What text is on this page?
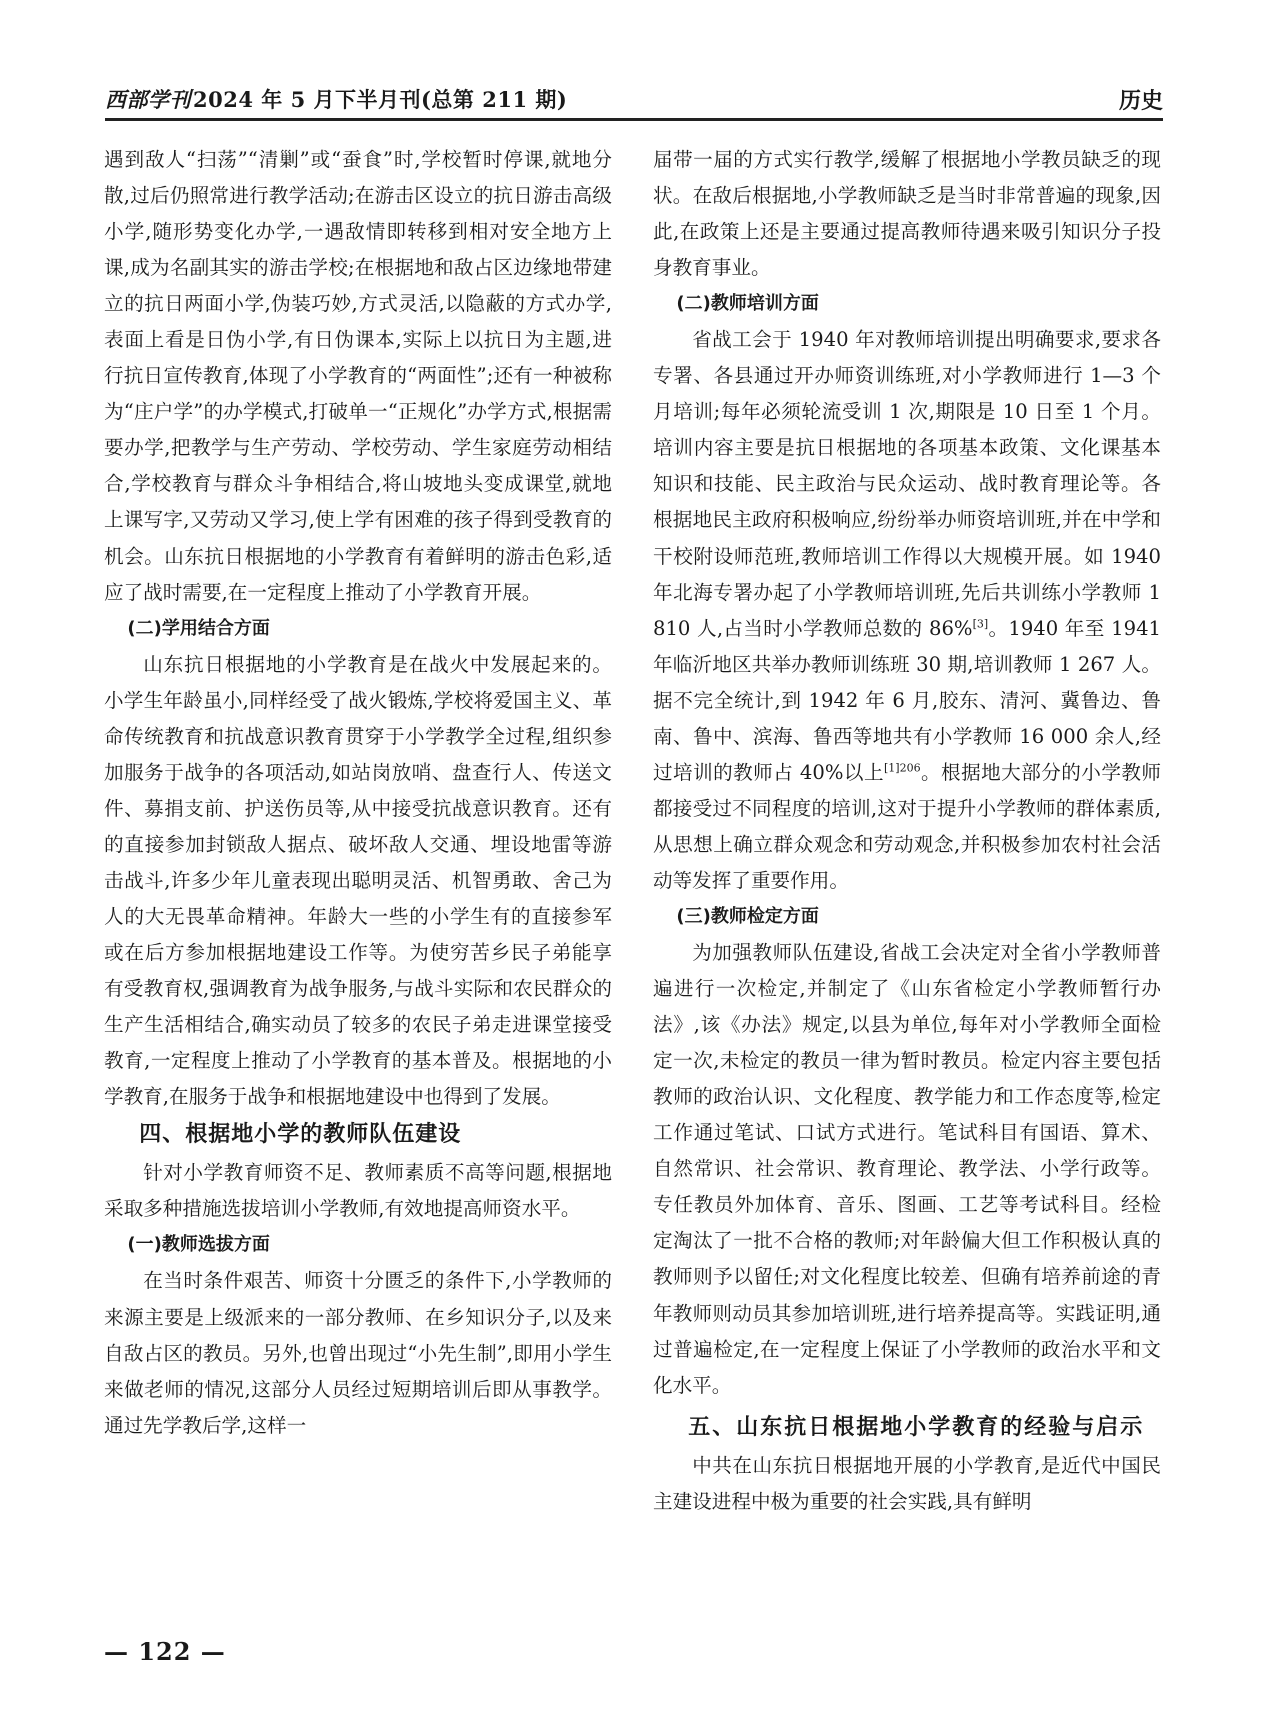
西部学刊2024 年 5 月下半月刊(总第 211 期)	历史

遇到敌人“扫荡”“清剿”或“蚕食”时,学校暂时停课,就地分散,过后仍照常进行教学活动;在游击区设立的抗日游击高级小学,随形势变化办学,一遇敌情即转移到相对安全地方上课,成为名副其实的游击学校;在根据地和敌占区边缘地带建立的抗日两面小学,伪装巧妙,方式灵活,以隐蔽的方式办学,表面上看是日伪小学,有日伪课本,实际上以抗日为主题,进行抗日宣传教育,体现了小学教育的“两面性”;还有一种被称为“庄户学”的办学模式,打破单一“正规化”办学方式,根据需要办学,把教学与生产劳动、学校劳动、学生家庭劳动相结合,学校教育与群众斗争相结合,将山坡地头变成课堂,就地上课写字,又劳动又学习,使上学有困难的孩子得到受教育的机会。山东抗日根据地的小学教育有着鲜明的游击色彩,适应了战时需要,在一定程度上推动了小学教育开展。

(二)学用结合方面

山东抗日根据地的小学教育是在战火中发展起来的。小学生年龄虽小,同样经受了战火锻炼,学校将爱国主义、革命传统教育和抗战意识教育贯穿于小学教学全过程,组织参加服务于战争的各项活动,如站岗放哨、盘查行人、传送文件、募捐支前、护送伤员等,从中接受抗战意识教育。还有的直接参加封锁敌人据点、破坏敌人交通、埋设地雷等游击战斗,许多少年儿童表现出聪明灵活、机智勇敢、舍己为人的大无畏革命精神。年龄大一些的小学生有的直接参军或在后方参加根据地建设工作等。为使穷苦乡民子弟能享有受教育权,强调教育为战争服务,与战斗实际和农民群众的生产生活相结合,确实动员了较多的农民子弟走进课堂接受教育,一定程度上推动了小学教育的基本普及。根据地的小学教育,在服务于战争和根据地建设中也得到了发展。

四、根据地小学的教师队伍建设

针对小学教育师资不足、教师素质不高等问题,根据地采取多种措施选拔培训小学教师,有效地提高师资水平。

(一)教师选拔方面

在当时条件艰苦、师资十分匮乏的条件下,小学教师的来源主要是上级派来的一部分教师、在乡知识分子,以及来自敌占区的教员。另外,也曾出现过“小先生制”,即用小学生来做老师的情况,这部分人员经过短期培训后即从事教学。通过先学教后学,这样一

届带一届的方式实行教学,缓解了根据地小学教员缺乏的现状。在敌后根据地,小学教师缺乏是当时非常普遍的现象,因此,在政策上还是主要通过提高教师待遇来吸引知识分子投身教育事业。

(二)教师培训方面

省战工会于 1940 年对教师培训提出明确要求,要求各专署、各县通过开办师资训练班,对小学教师进行 1—3 个月培训;每年必须轮流受训 1 次,期限是 10 日至 1 个月。培训内容主要是抗日根据地的各项基本政策、文化课基本知识和技能、民主政治与民众运动、战时教育理论等。各根据地民主政府积极响应,纷纷举办师资培训班,并在中学和干校附设师范班,教师培训工作得以大规模开展。如 1940 年北海专署办起了小学教师培训班,先后共训练小学教师 1 810 人,占当时小学教师总数的 86%[3]。1940 年至 1941 年临沂地区共举办教师训练班 30 期,培训教师 1 267 人。据不完全统计,到 1942 年 6 月,胶东、清河、冀鲁边、鲁南、鲁中、滨海、鲁西等地共有小学教师 16 000 余人,经过培训的教师占 40%以上$^{[1]206}$。根据地大部分的小学教师都接受过不同程度的培训,这对于提升小学教师的群体素质,从思想上确立群众观念和劳动观念,并积极参加农村社会活动等发挥了重要作用。

(三)教师检定方面

为加强教师队伍建设,省战工会决定对全省小学教师普遍进行一次检定,并制定了《山东省检定小学教师暂行办法》,该《办法》规定,以县为单位,每年对小学教师全面检定一次,未检定的教员一律为暂时教员。检定内容主要包括教师的政治认识、文化程度、教学能力和工作态度等,检定工作通过笔试、口试方式进行。笔试科目有国语、算术、自然常识、社会常识、教育理论、教学法、小学行政等。专任教员外加体育、音乐、图画、工艺等考试科目。经检定淘汰了一批不合格的教师;对年龄偏大但工作积极认真的教师则予以留任;对文化程度比较差、但确有培养前途的青年教师则动员其参加培训班,进行培养提高等。实践证明,通过普遍检定,在一定程度上保证了小学教师的政治水平和文化水平。

五、山东抗日根据地小学教育的经验与启示

中共在山东抗日根据地开展的小学教育,是近代中国民主建设进程中极为重要的社会实践,具有鲜明

— 122 —
